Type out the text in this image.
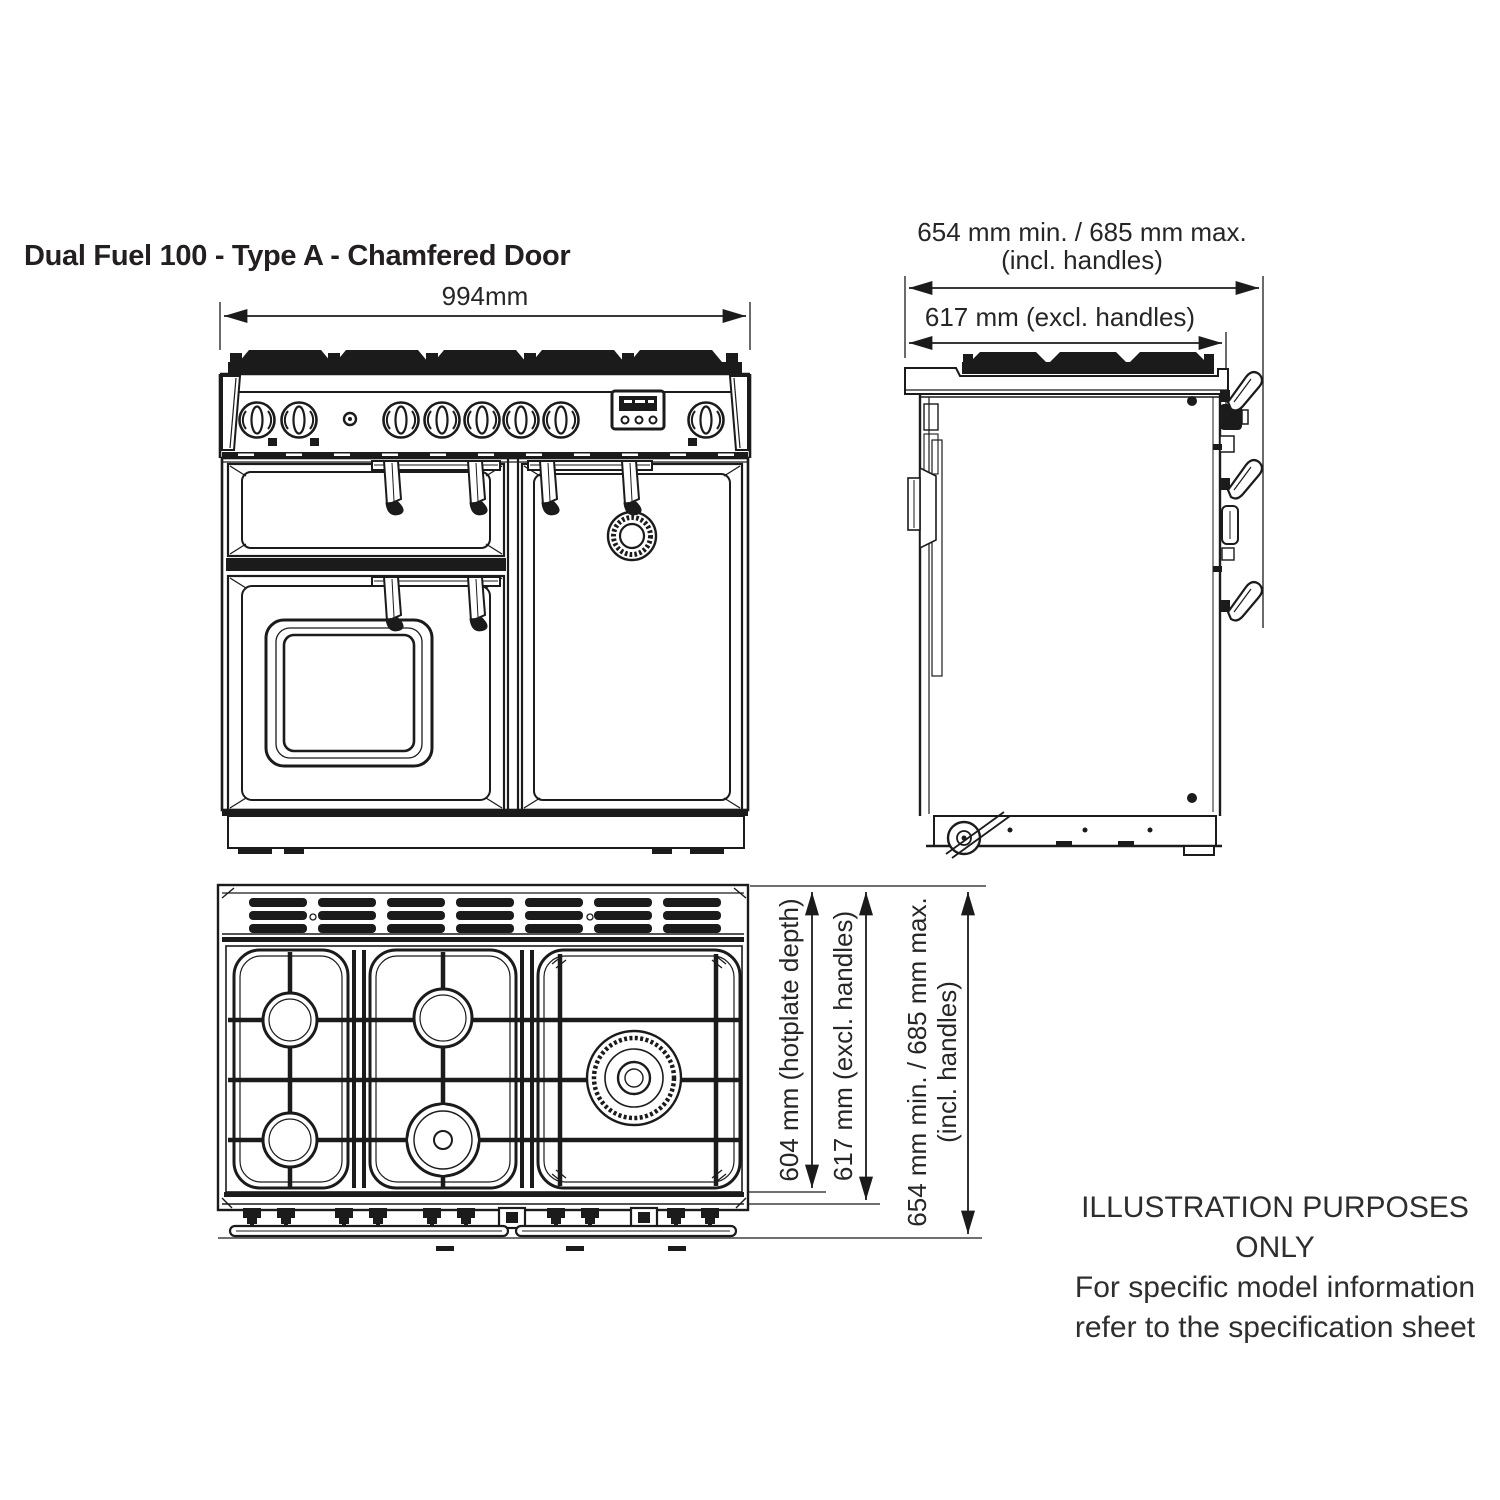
Dual Fuel 100 - Type A - Chamfered Door
994mm
654 mm min. / 685 mm max.
(incl. handles)
617 mm (excl. handles)
604 mm (hotplate depth) 617 mm (excl. handles) 654 mm min. / 685 mm max. (incl. handles)
ILLUSTRATION PURPOSES ONLY
For specific model information
refer to the specification sheet
